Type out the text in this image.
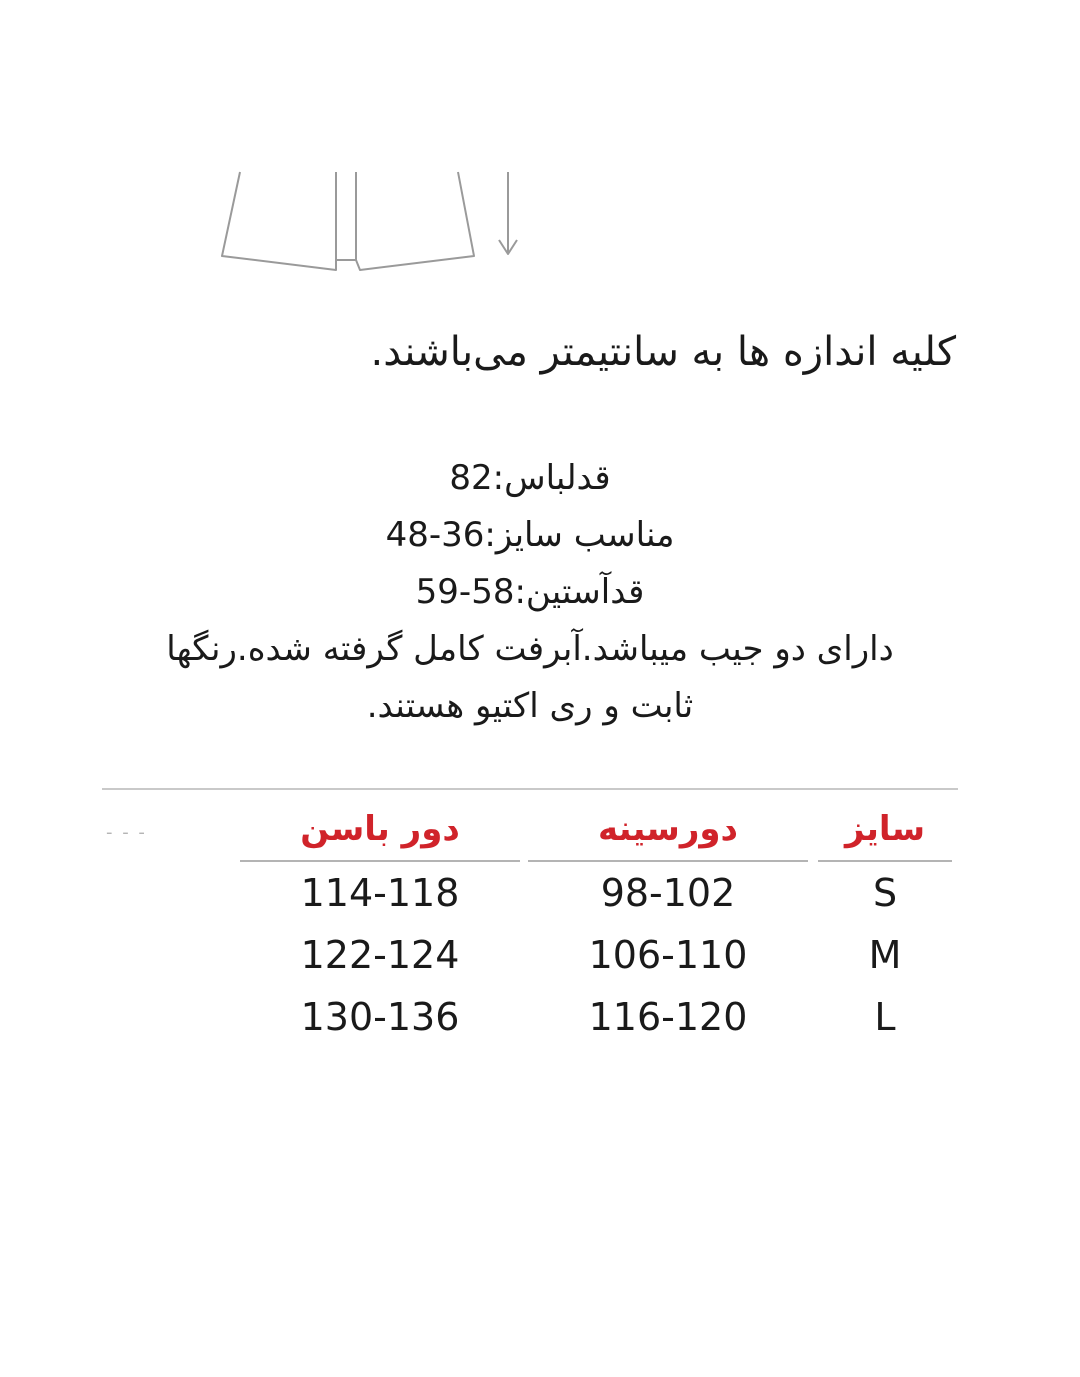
کلیه اندازه ها به سانتیمتر می‌باشند.
قدلباس:82
مناسب سایز:36-48
قدآستین:58-59
دارای دو جیب میباشد.آبرفت کامل گرفته شده.رنگها
ثابت و ری اکتیو هستند.
- - -	سایز
دورسینه
دور باسن
S
98-102
114-118
M
106-110
122-124
L
116-120
130-136
